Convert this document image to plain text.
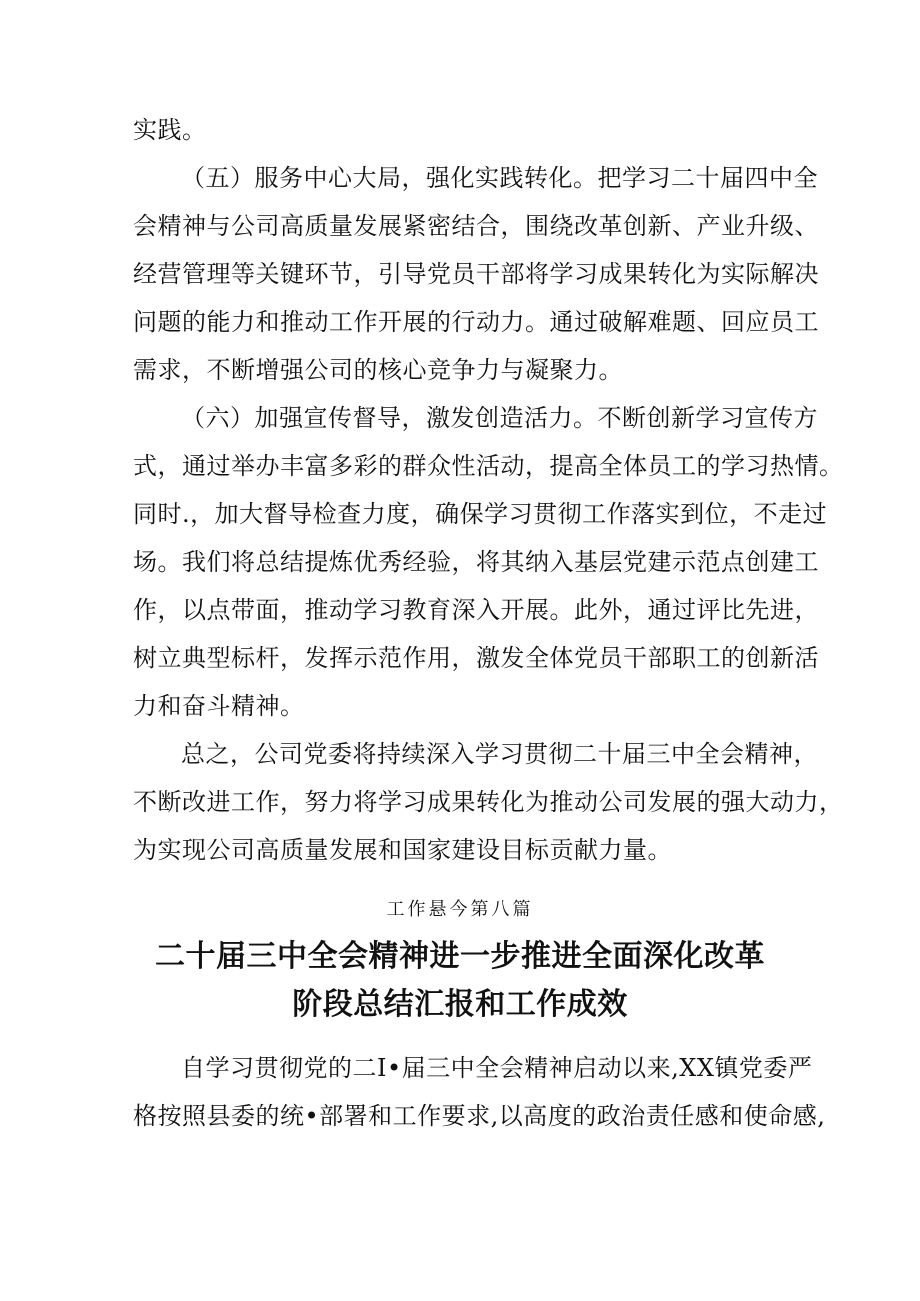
实践。
（五）服务中心大局，强化实践转化。把学习二十届四中全
会精神与公司高质量发展紧密结合，围绕改革创新、产业升级、
经营管理等关键环节，引导党员干部将学习成果转化为实际解决
问题的能力和推动工作开展的行动力。通过破解难题、回应员工
需求，不断增强公司的核心竞争力与凝聚力。
（六）加强宣传督导，激发创造活力。不断创新学习宣传方
式，通过举办丰富多彩的群众性活动，提高全体员工的学习热情。
同时.，加大督导检查力度，确保学习贯彻工作落实到位，不走过
场。我们将总结提炼优秀经验，将其纳入基层党建示范点创建工
作，以点带面，推动学习教育深入开展。此外，通过评比先进，
树立典型标杆，发挥示范作用，激发全体党员干部职工的创新活
力和奋斗精神。
总之，公司党委将持续深入学习贯彻二十届三中全会精神，
不断改进工作，努力将学习成果转化为推动公司发展的强大动力，
为实现公司高质量发展和国家建设目标贡献力量。
工作悬今第八篇
二十届三中全会精神进一步推进全面深化改革
阶段总结汇报和工作成效
自学习贯彻党的二I•届三中全会精神启动以来,XX镇党委严
格按照县委的统•部署和工作要求,以高度的政治责任感和使命感,
